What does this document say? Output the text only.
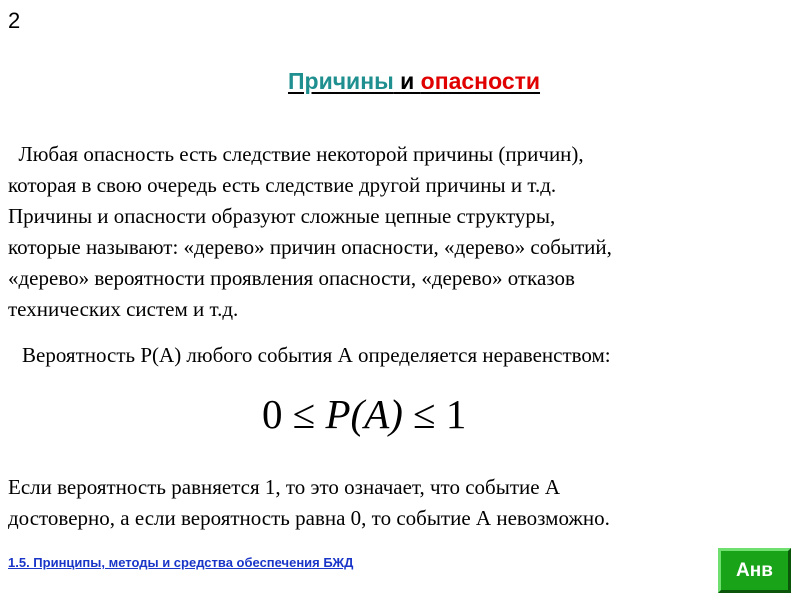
2
Причины и опасности
Любая опасность есть следствие некоторой причины (причин),
которая в свою очередь есть следствие другой причины и т.д.
Причины и опасности образуют сложные цепные структуры,
которые называют: «дерево» причин опасности, «дерево» событий,
«дерево» вероятности проявления опасности, «дерево» отказов
технических систем и т.д.
Вероятность Р(А) любого события А определяется неравенством:
0 ≤ P(A) ≤ 1
Если вероятность равняется 1, то это означает, что событие А
достоверно, а если вероятность равна 0, то событие А невозможно.
1.5. Принципы, методы и средства обеспечения БЖД	Анв
